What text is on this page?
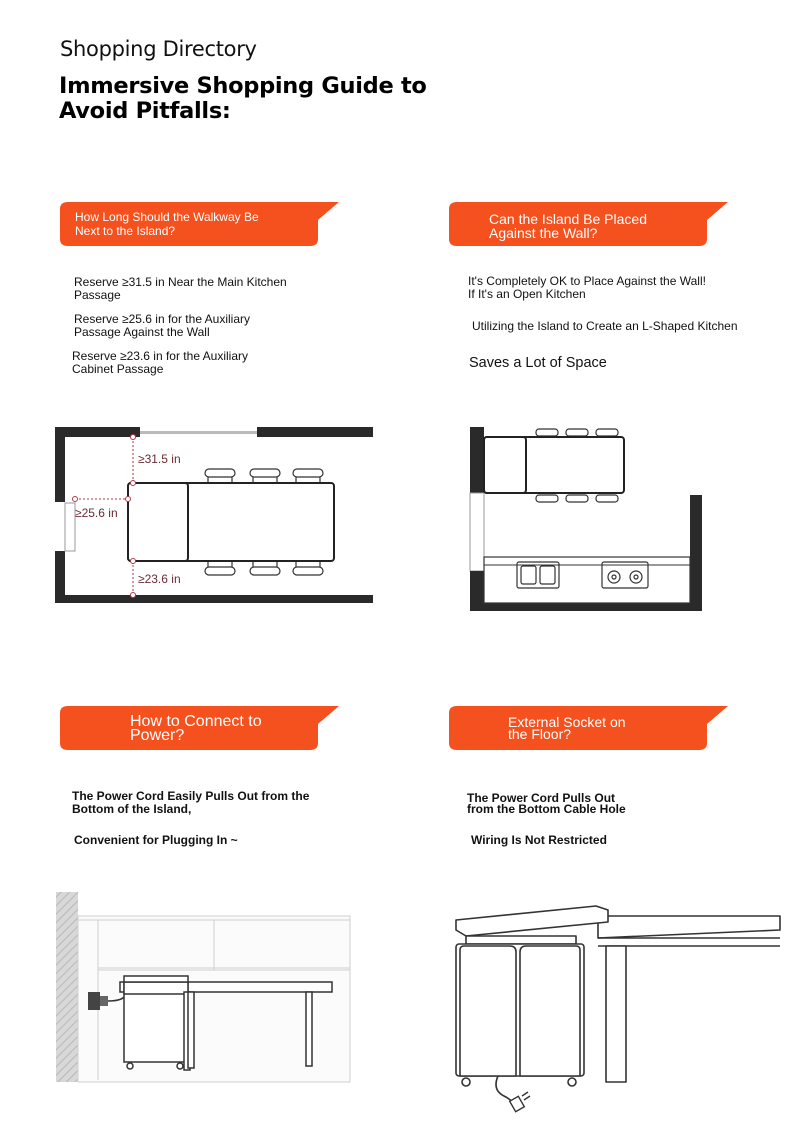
Shopping Directory
Immersive Shopping Guide to Avoid Pitfalls:
How Long Should the Walkway Be
Next to the Island?
Reserve ≥31.5 in Near the Main Kitchen
Passage
Reserve ≥25.6 in for the Auxiliary
Passage Against the Wall
Reserve ≥23.6 in for the Auxiliary
Cabinet Passage
≥31.5 in
≥25.6 in
≥23.6 in
Can the Island Be Placed
Against the Wall?
It's Completely OK to Place Against the Wall!
If It's an Open Kitchen
Utilizing the Island to Create an L-Shaped Kitchen
Saves a Lot of Space
How to Connect to
Power?
The Power Cord Easily Pulls Out from the
Bottom of the Island,
Convenient for Plugging In ~
External Socket on
the Floor?
The Power Cord Pulls Out
from the Bottom Cable Hole
Wiring Is Not Restricted
